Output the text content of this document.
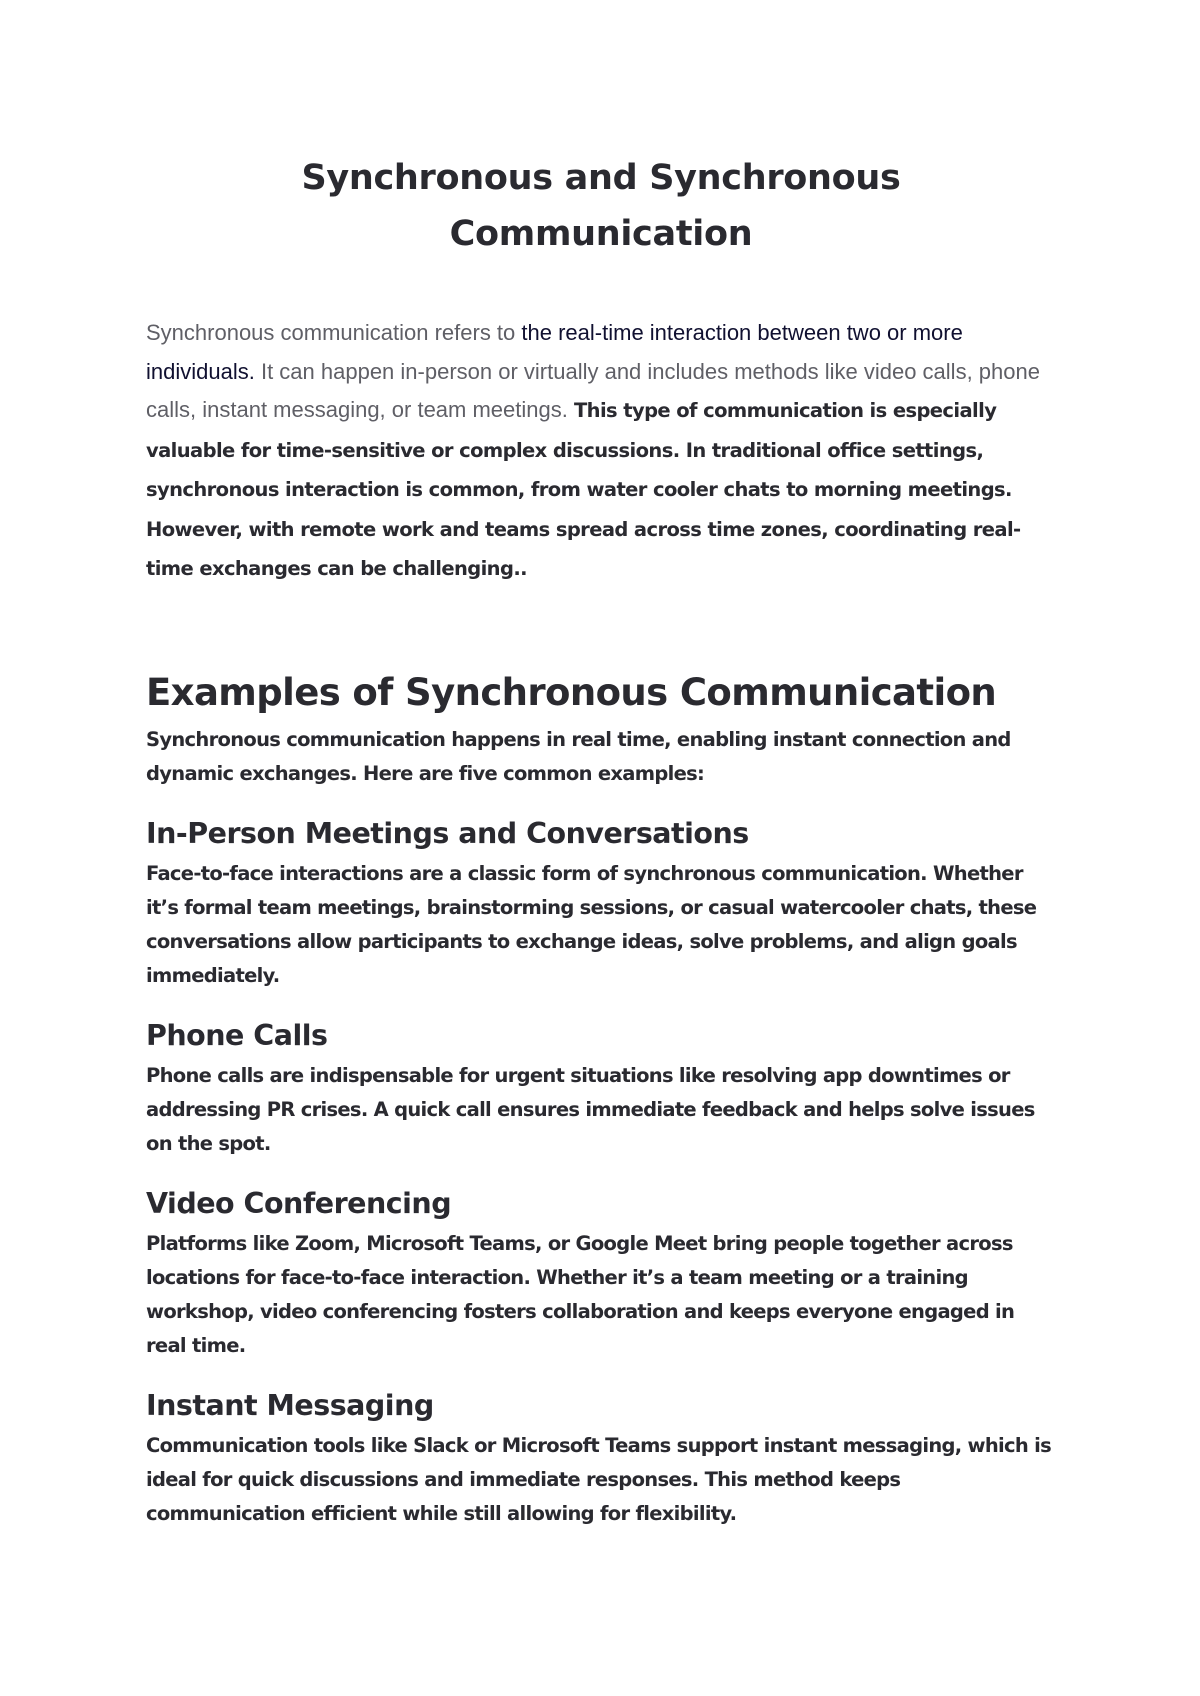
Synchronous and Synchronous
Communication

Synchronous communication refers to the real-time interaction between two or more individuals. It can happen in-person or virtually and includes methods like video calls, phone calls, instant messaging, or team meetings. This type of communication is especially valuable for time-sensitive or complex discussions. In traditional office settings, synchronous interaction is common, from water cooler chats to morning meetings. However, with remote work and teams spread across time zones, coordinating real-time exchanges can be challenging..

Examples of Synchronous Communication

Synchronous communication happens in real time, enabling instant connection and dynamic exchanges. Here are five common examples:

In-Person Meetings and Conversations

Face-to-face interactions are a classic form of synchronous communication. Whether it’s formal team meetings, brainstorming sessions, or casual watercooler chats, these conversations allow participants to exchange ideas, solve problems, and align goals immediately.

Phone Calls

Phone calls are indispensable for urgent situations like resolving app downtimes or addressing PR crises. A quick call ensures immediate feedback and helps solve issues on the spot.

Video Conferencing

Platforms like Zoom, Microsoft Teams, or Google Meet bring people together across locations for face-to-face interaction. Whether it’s a team meeting or a training workshop, video conferencing fosters collaboration and keeps everyone engaged in real time.

Instant Messaging

Communication tools like Slack or Microsoft Teams support instant messaging, which is ideal for quick discussions and immediate responses. This method keeps communication efficient while still allowing for flexibility.
